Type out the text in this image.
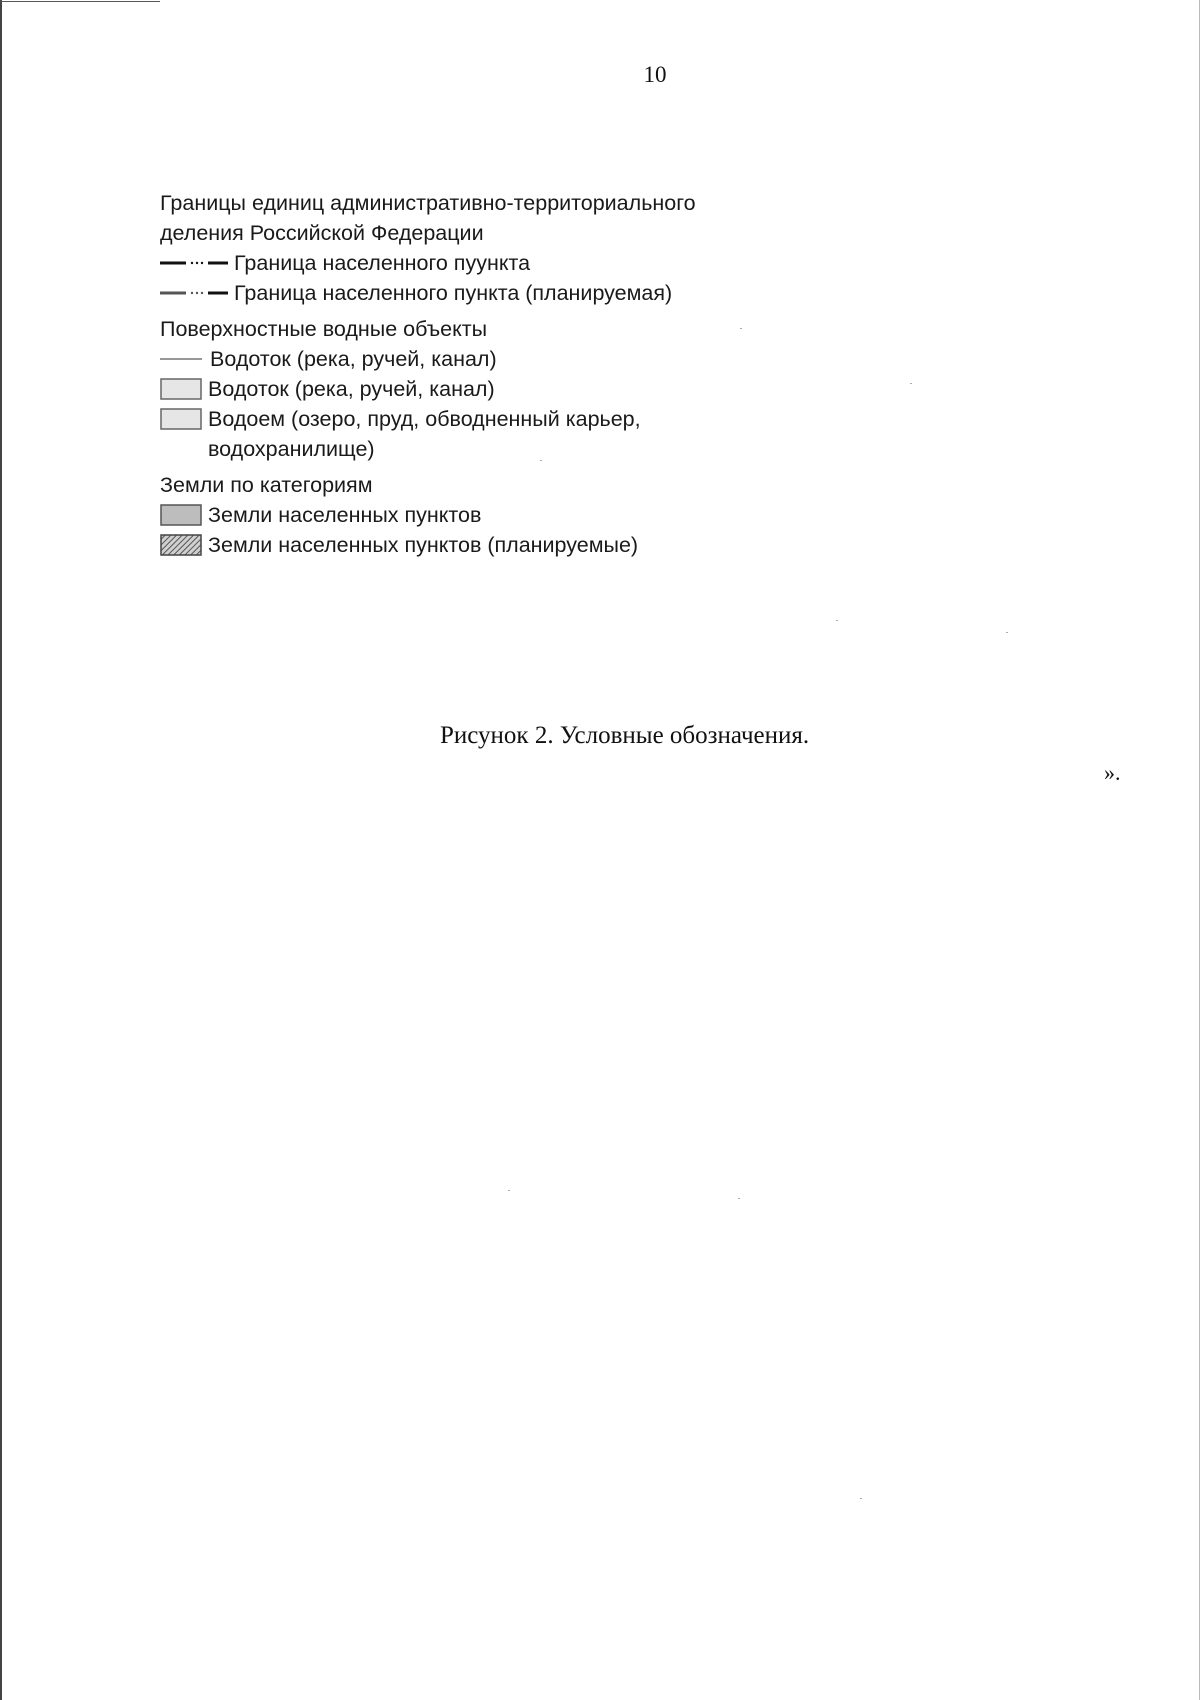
10
Границы единиц административно-территориального
деления Российской Федерации
Граница населенного пуункта
Граница населенного пункта (планируемая)
Поверхностные водные объекты
Водоток (река, ручей, канал)
Водоток (река, ручей, канал)
Водоем (озеро, пруд, обводненный карьер,
водохранилище)
Земли по категориям
Земли населенных пунктов
Земли населенных пунктов (планируемые)
Рисунок 2. Условные обозначения.
».
